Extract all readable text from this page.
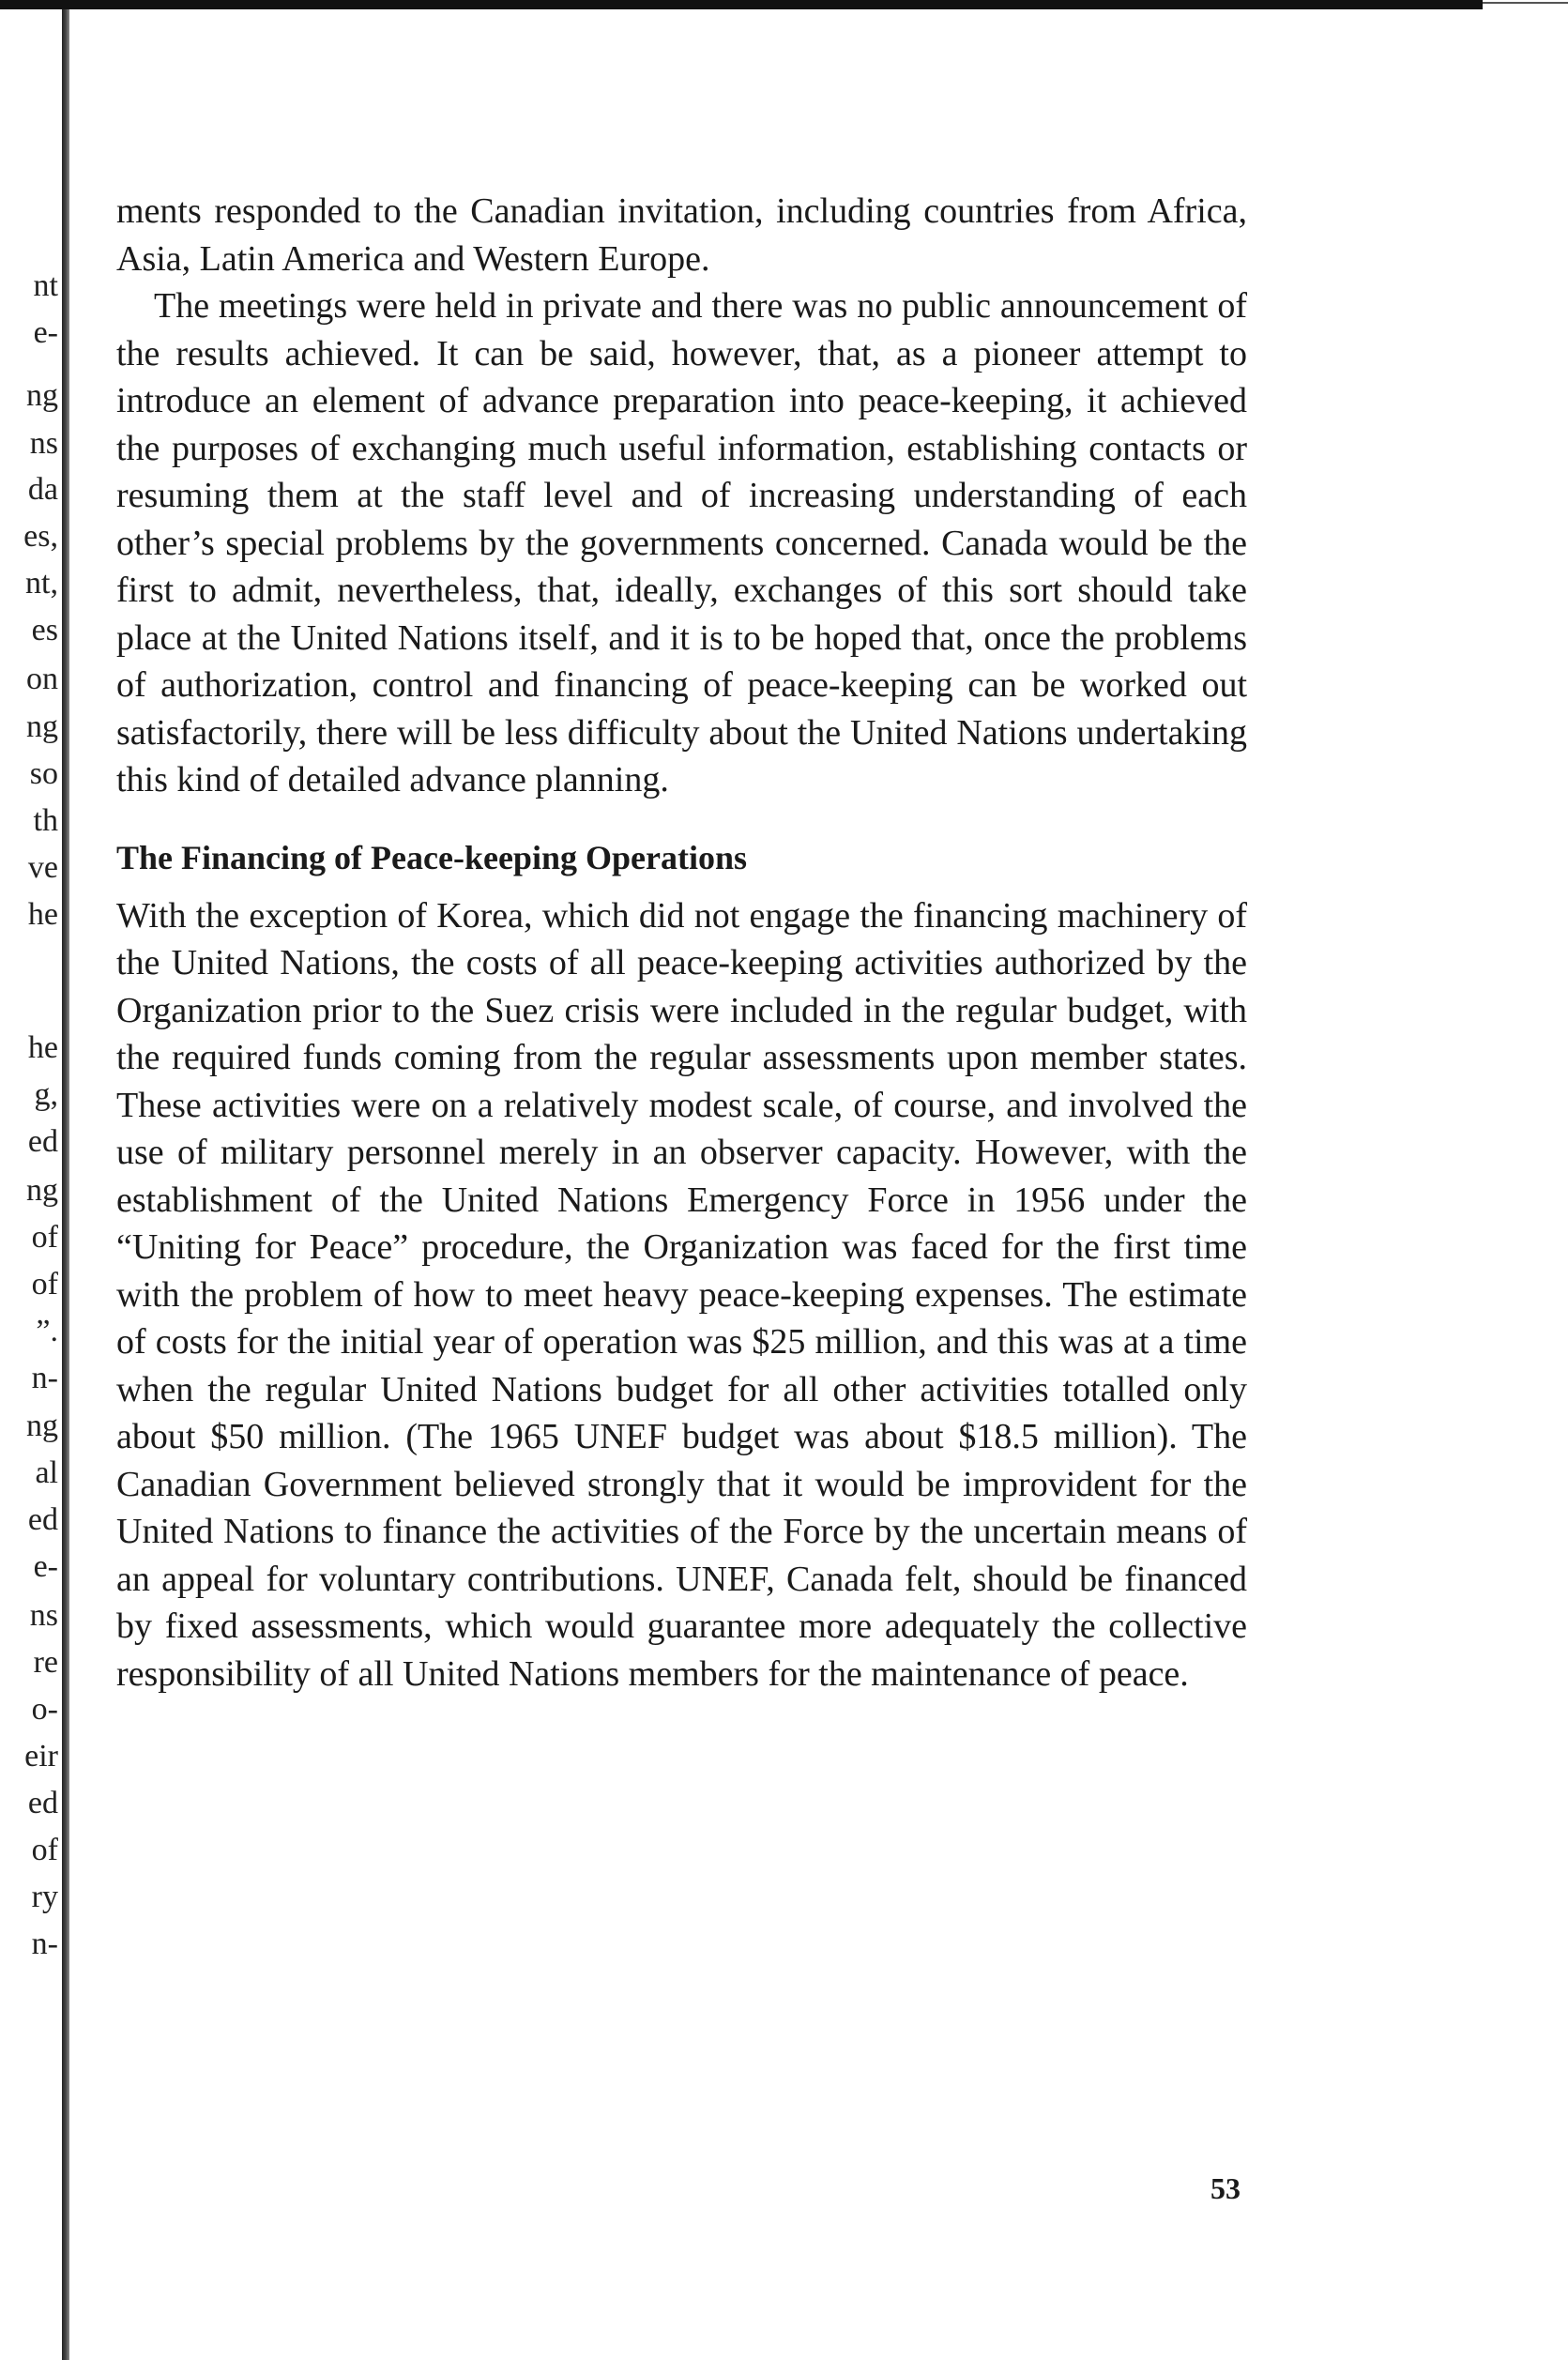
nt
e-
ng
ns
da
es,
nt,
es
on
ng
so
th
ve
he
he
g,
ed
ng
of
of
”.
n-
ng
al
ed
e-
ns
re
o-
eir
ed
of
ry
n-

ments responded to the Canadian invitation, including countries from Africa, Asia, Latin America and Western Europe.

The meetings were held in private and there was no public announcement of the results achieved. It can be said, however, that, as a pioneer attempt to introduce an element of advance preparation into peace-keeping, it achieved the purposes of exchanging much useful information, establishing contacts or resuming them at the staff level and of increasing understanding of each other’s special problems by the governments concerned. Canada would be the first to admit, nevertheless, that, ideally, exchanges of this sort should take place at the United Nations itself, and it is to be hoped that, once the problems of authorization, control and financing of peace-keeping can be worked out satisfactorily, there will be less difficulty about the United Nations undertaking this kind of detailed advance planning.

The Financing of Peace-keeping Operations

With the exception of Korea, which did not engage the financing machinery of the United Nations, the costs of all peace-keeping activities authorized by the Organization prior to the Suez crisis were included in the regular budget, with the required funds coming from the regular assessments upon member states. These activities were on a relatively modest scale, of course, and involved the use of military personnel merely in an observer capacity. However, with the establishment of the United Nations Emergency Force in 1956 under the “Uniting for Peace” procedure, the Organization was faced for the first time with the problem of how to meet heavy peace-keeping expenses. The estimate of costs for the initial year of operation was $25 million, and this was at a time when the regular United Nations budget for all other activities totalled only about $50 million. (The 1965 UNEF budget was about $18.5 million). The Canadian Government believed strongly that it would be improvident for the United Nations to finance the activities of the Force by the uncertain means of an appeal for voluntary contributions. UNEF, Canada felt, should be financed by fixed assessments, which would guarantee more adequately the collective responsibility of all United Nations members for the maintenance of peace.

53
